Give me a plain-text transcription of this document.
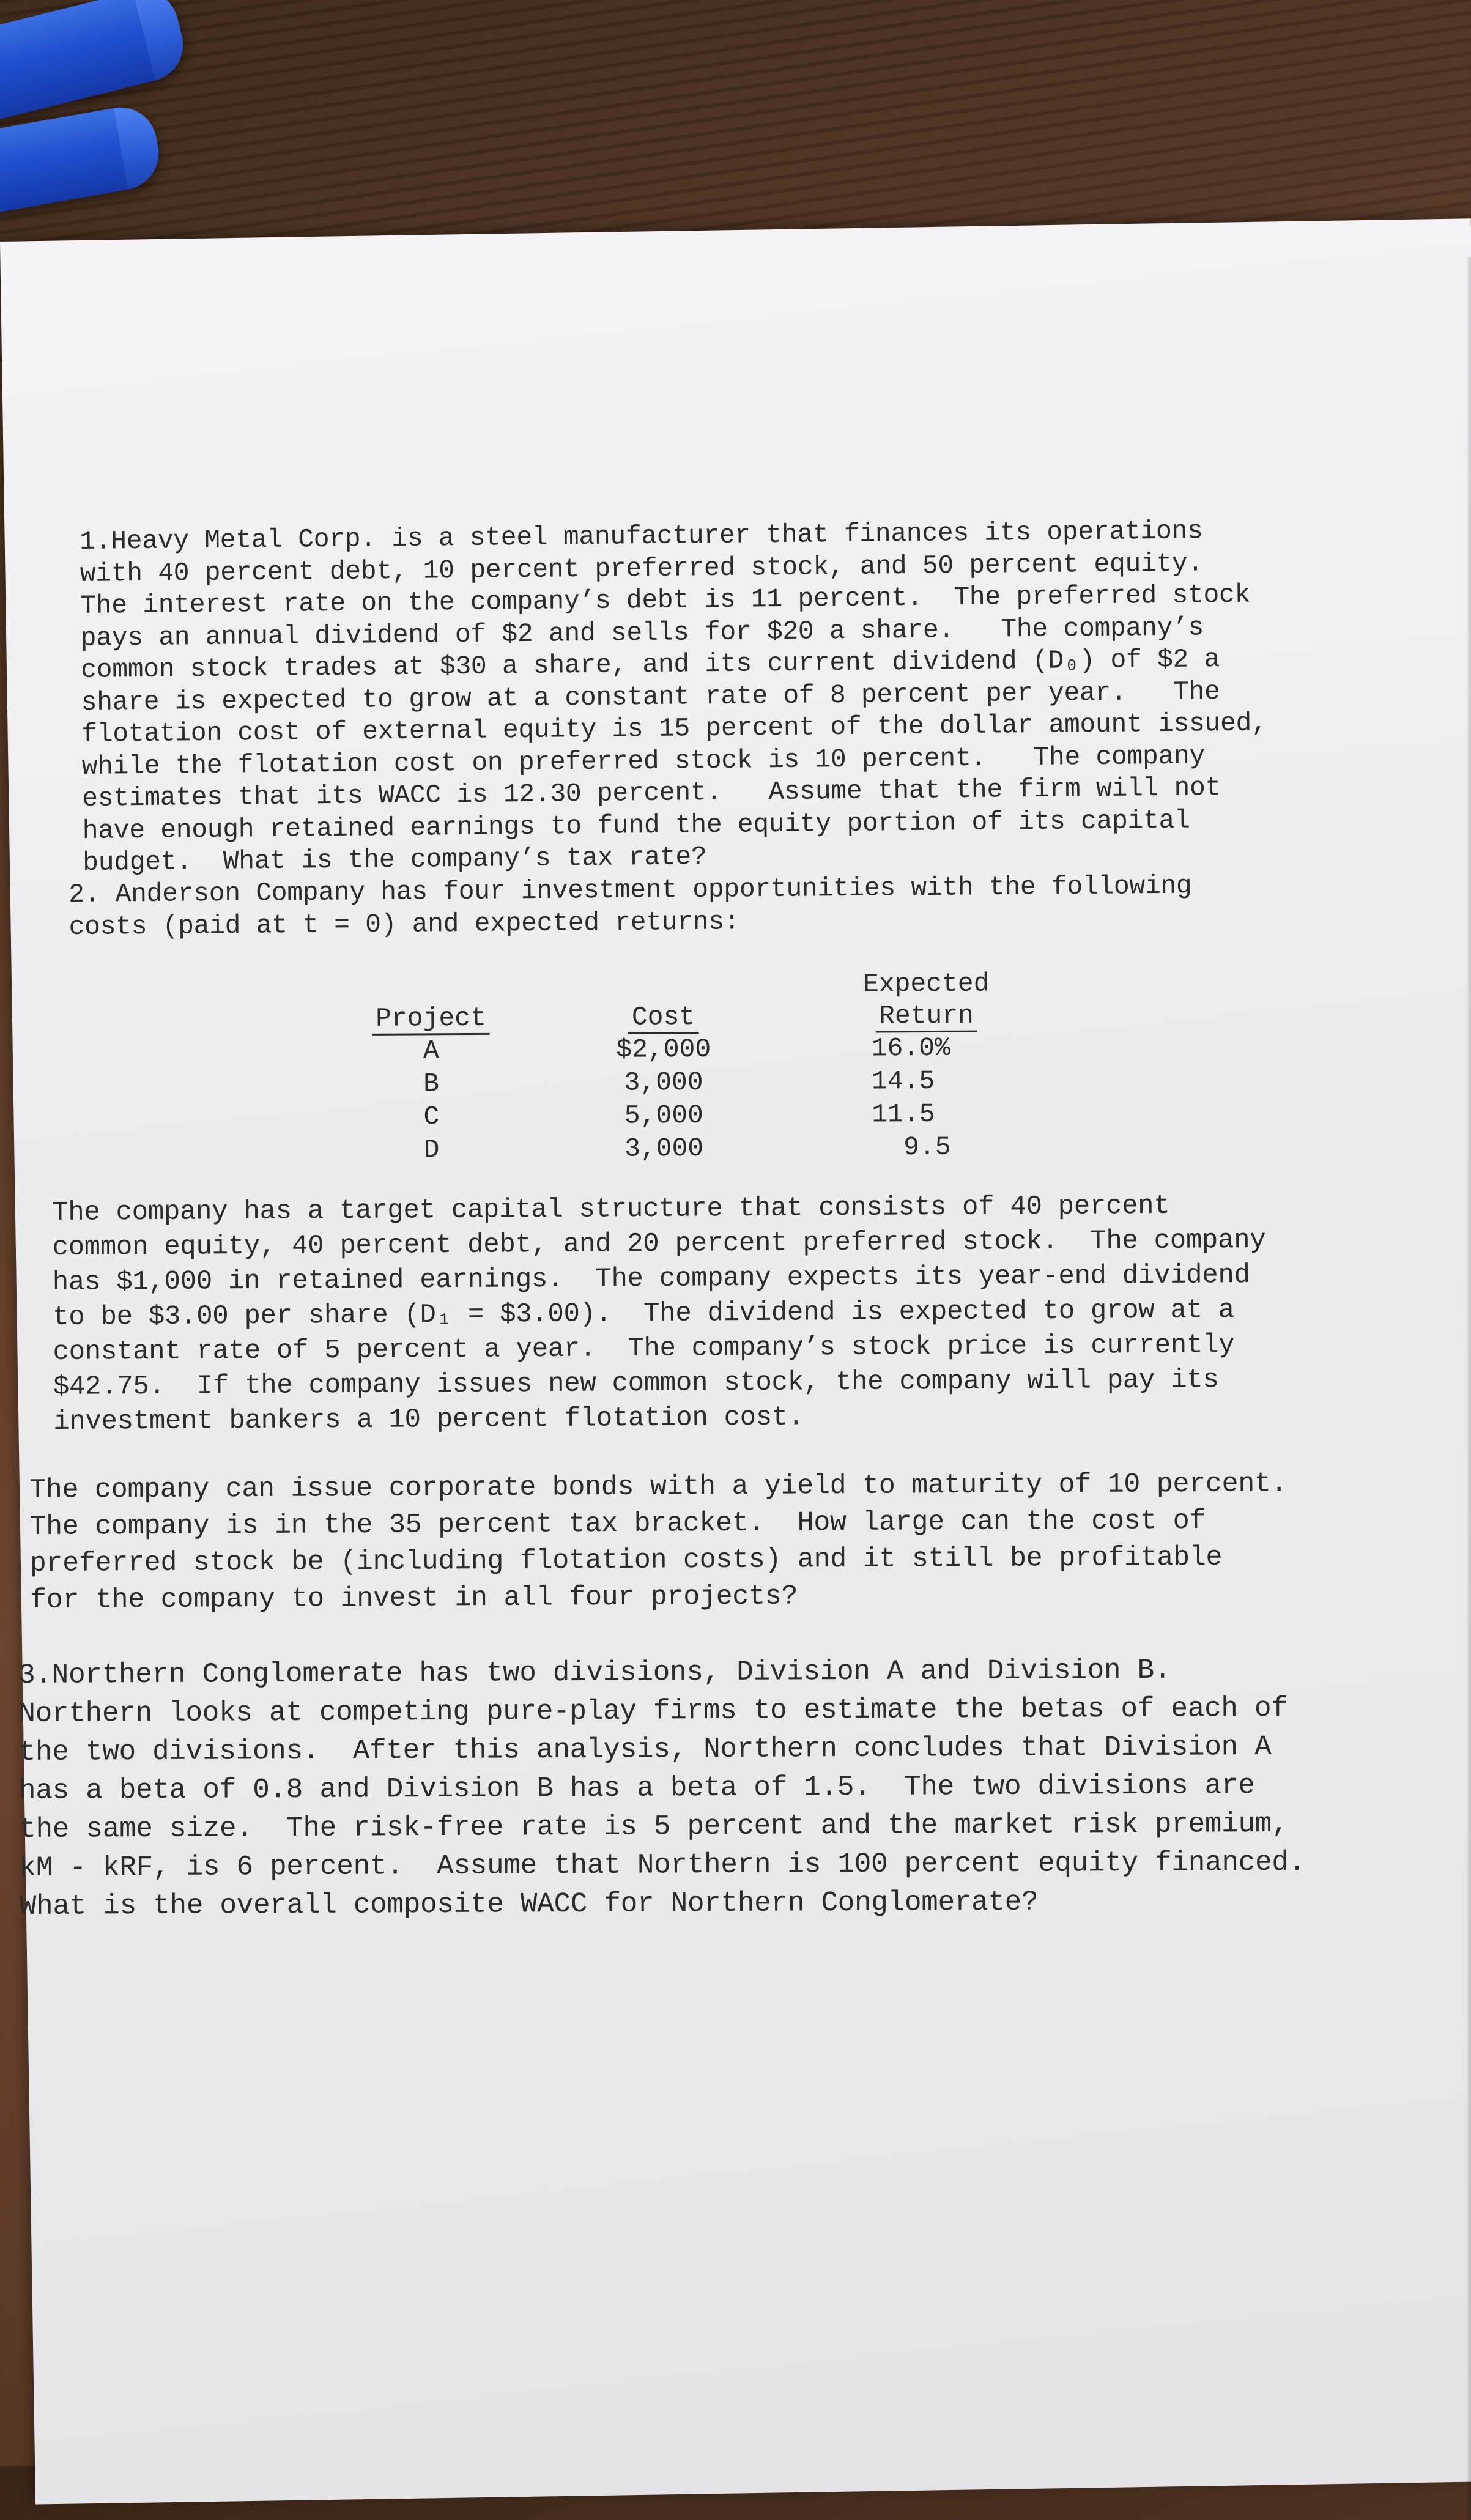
1.Heavy Metal Corp. is a steel manufacturer that finances its operations
with 40 percent debt, 10 percent preferred stock, and 50 percent equity.
The interest rate on the company’s debt is 11 percent.  The preferred stock
pays an annual dividend of $2 and sells for $20 a share.   The company’s
common stock trades at $30 a share, and its current dividend (D₀) of $2 a
share is expected to grow at a constant rate of 8 percent per year.   The
flotation cost of external equity is 15 percent of the dollar amount issued,
while the flotation cost on preferred stock is 10 percent.   The company
estimates that its WACC is 12.30 percent.   Assume that the firm will not
have enough retained earnings to fund the equity portion of its capital
budget.  What is the company’s tax rate?
2. Anderson Company has four investment opportunities with the following
costs (paid at t = 0) and expected returns:
Project
A
B
C
D
Cost
$2,000
3,000
5,000
3,000
Expected
Return
16.0%
14.5
11.5
9.5
The company has a target capital structure that consists of 40 percent
common equity, 40 percent debt, and 20 percent preferred stock.  The company
has $1,000 in retained earnings.  The company expects its year-end dividend
to be $3.00 per share (D₁ = $3.00).  The dividend is expected to grow at a
constant rate of 5 percent a year.  The company’s stock price is currently
$42.75.  If the company issues new common stock, the company will pay its
investment bankers a 10 percent flotation cost.
The company can issue corporate bonds with a yield to maturity of 10 percent.
The company is in the 35 percent tax bracket.  How large can the cost of
preferred stock be (including flotation costs) and it still be profitable
for the company to invest in all four projects?
3.Northern Conglomerate has two divisions, Division A and Division B.
Northern looks at competing pure-play firms to estimate the betas of each of
the two divisions.  After this analysis, Northern concludes that Division A
has a beta of 0.8 and Division B has a beta of 1.5.  The two divisions are
the same size.  The risk-free rate is 5 percent and the market risk premium,
kM - kRF, is 6 percent.  Assume that Northern is 100 percent equity financed.
What is the overall composite WACC for Northern Conglomerate?
